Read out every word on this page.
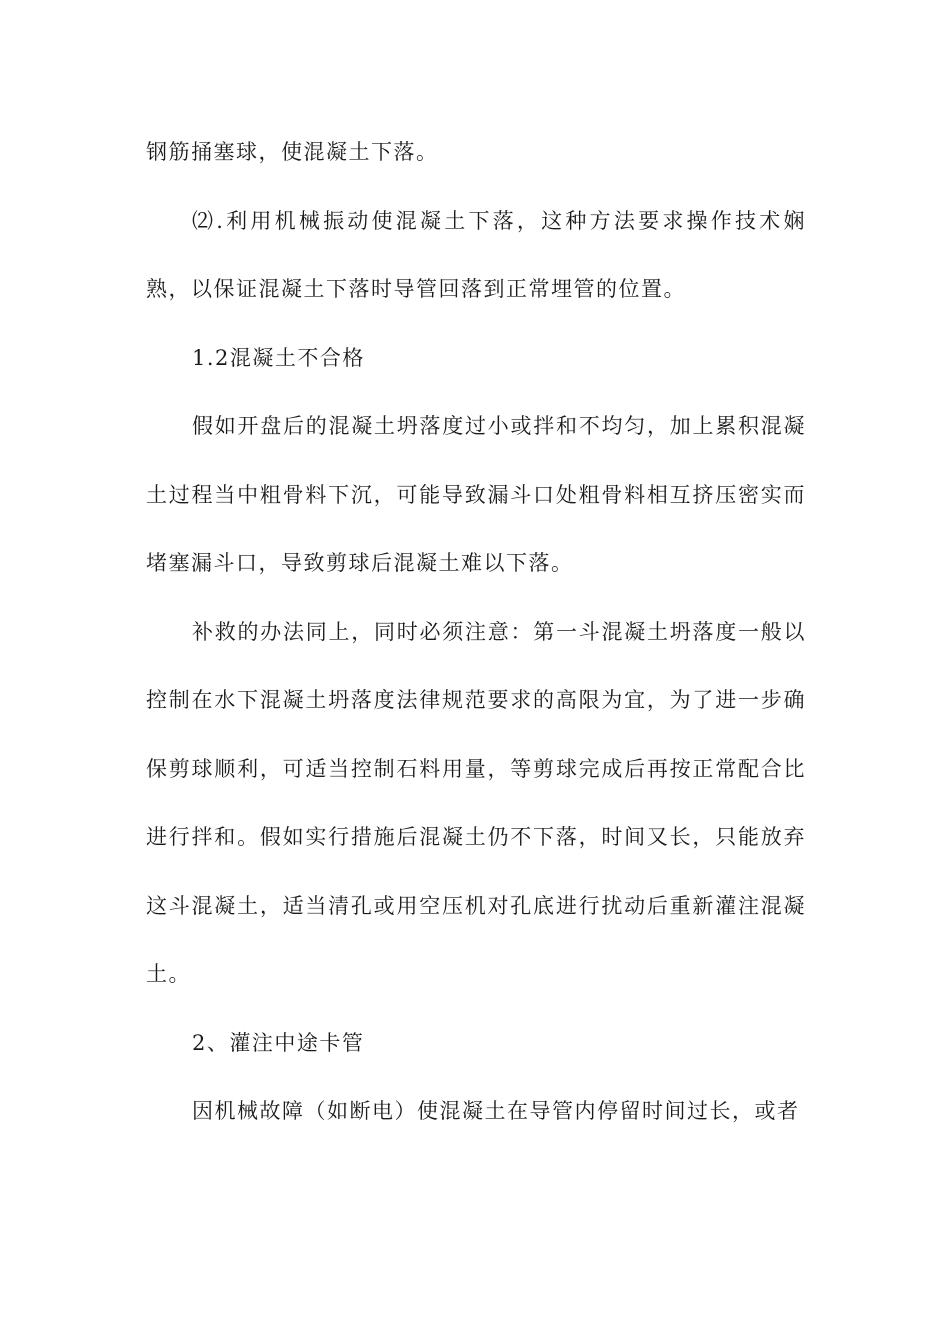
钢筋捅塞球，使混凝土下落。

⑵.利用机械振动使混凝土下落，这种方法要求操作技术娴熟，以保证混凝土下落时导管回落到正常埋管的位置。

1.2混凝土不合格

假如开盘后的混凝土坍落度过小或拌和不均匀，加上累积混凝土过程当中粗骨料下沉，可能导致漏斗口处粗骨料相互挤压密实而堵塞漏斗口，导致剪球后混凝土难以下落。

补救的办法同上，同时必须注意：第一斗混凝土坍落度一般以控制在水下混凝土坍落度法律规范要求的高限为宜，为了进一步确保剪球顺利，可适当控制石料用量，等剪球完成后再按正常配合比进行拌和。假如实行措施后混凝土仍不下落，时间又长，只能放弃这斗混凝土，适当清孔或用空压机对孔底进行扰动后重新灌注混凝土。

2、灌注中途卡管

因机械故障（如断电）使混凝土在导管内停留时间过长，或者
